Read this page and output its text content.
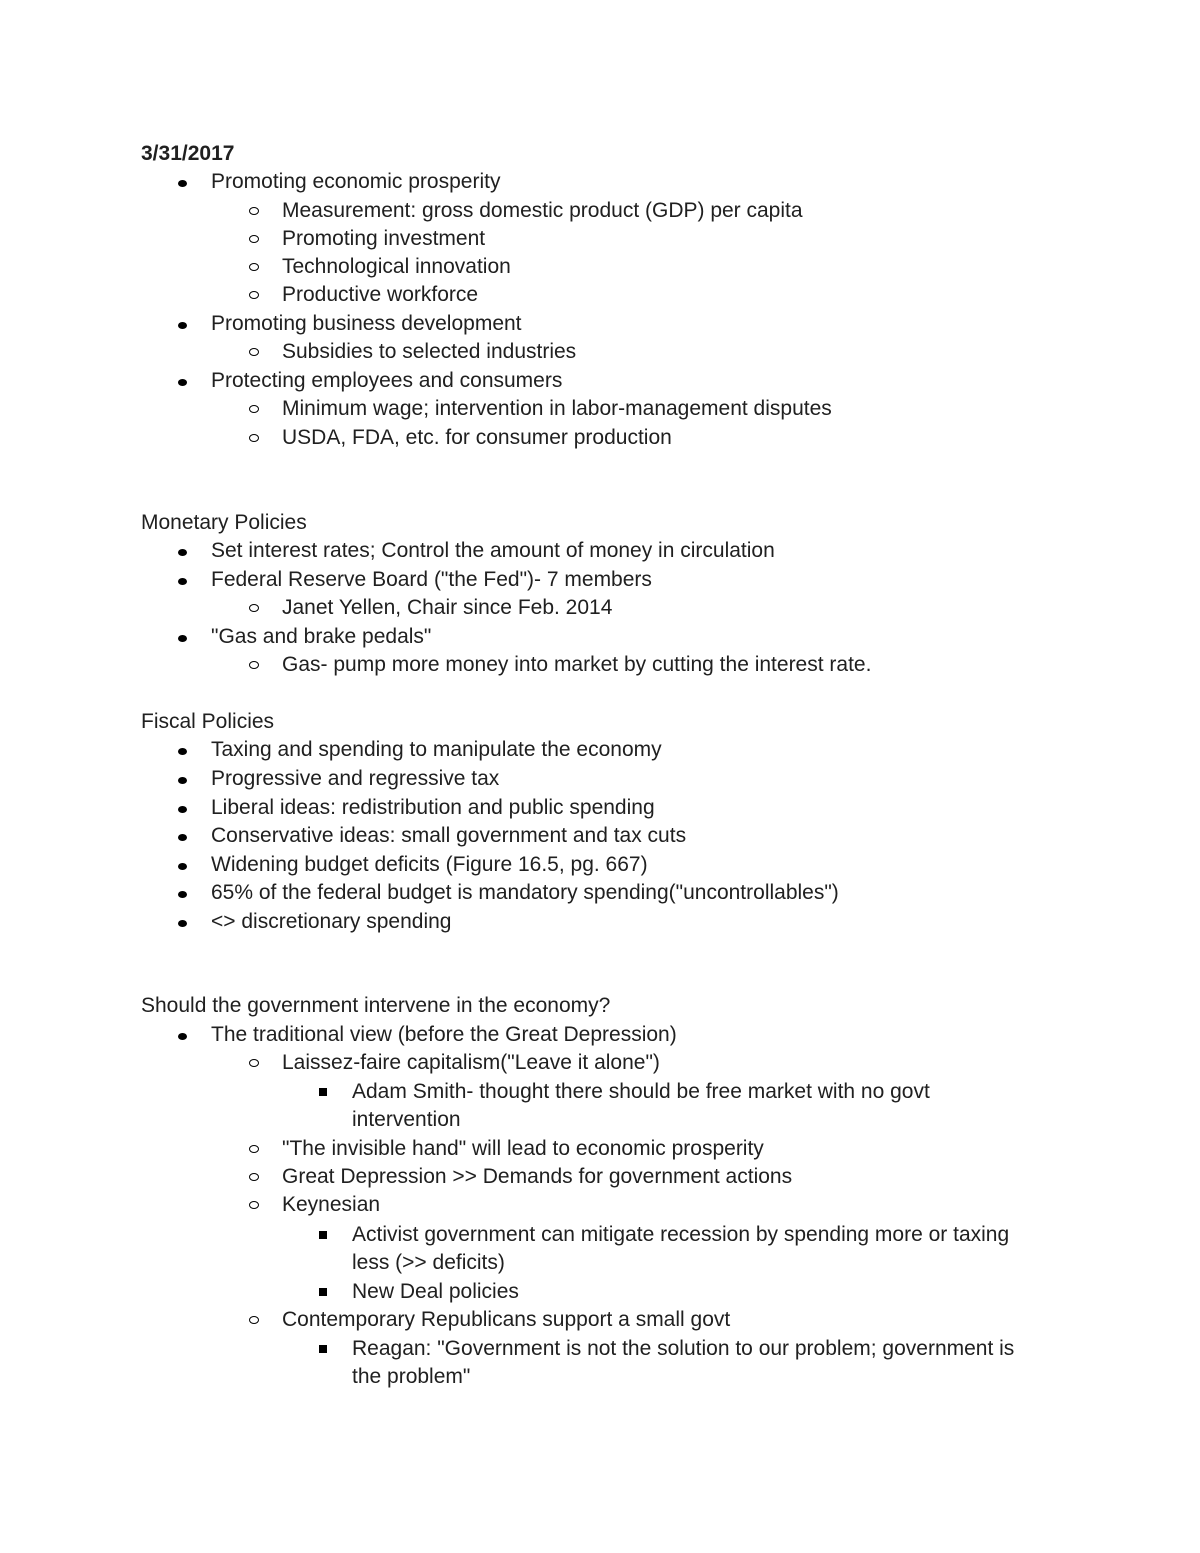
3/31/2017
Promoting economic prosperity
Measurement: gross domestic product (GDP) per capita
Promoting investment
Technological innovation
Productive workforce
Promoting business development
Subsidies to selected industries
Protecting employees and consumers
Minimum wage; intervention in labor-management disputes
USDA, FDA, etc. for consumer production
Monetary Policies
Set interest rates; Control the amount of money in circulation
Federal Reserve Board ("the Fed")- 7 members
Janet Yellen, Chair since Feb. 2014
"Gas and brake pedals"
Gas- pump more money into market by cutting the interest rate.
Fiscal Policies
Taxing and spending to manipulate the economy
Progressive and regressive tax
Liberal ideas: redistribution and public spending
Conservative ideas: small government and tax cuts
Widening budget deficits (Figure 16.5, pg. 667)
65% of the federal budget is mandatory spending("uncontrollables")
<> discretionary spending
Should the government intervene in the economy?
The traditional view (before the Great Depression)
Laissez-faire capitalism("Leave it alone")
Adam Smith- thought there should be free market with no govt
intervention
"The invisible hand" will lead to economic prosperity
Great Depression >> Demands for government actions
Keynesian
Activist government can mitigate recession by spending more or taxing
less (>> deficits)
New Deal policies
Contemporary Republicans support a small govt
Reagan: "Government is not the solution to our problem; government is
the problem"
